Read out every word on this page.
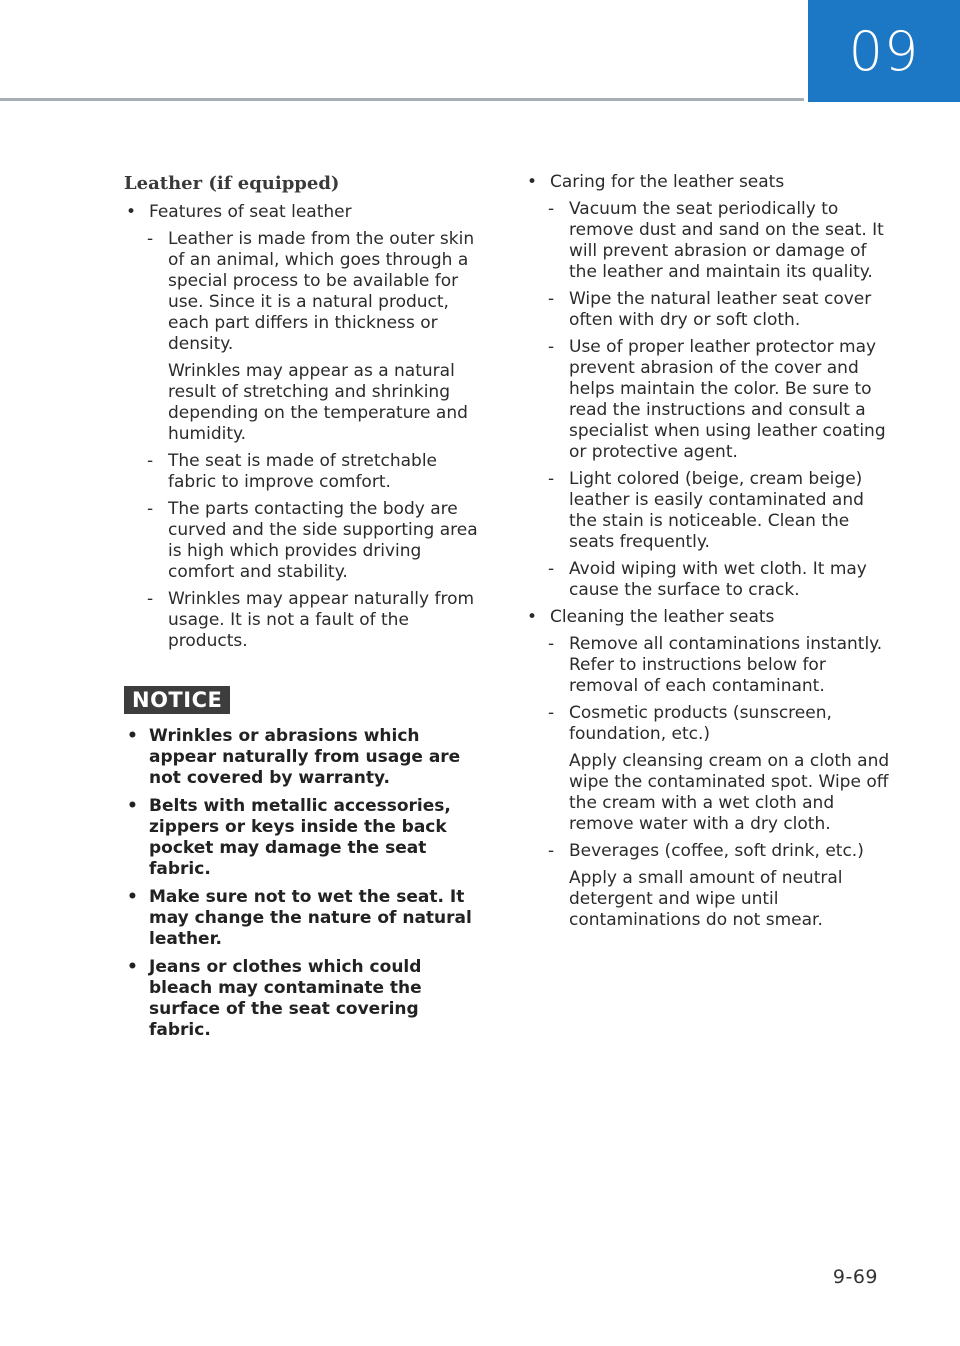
09
Leather (if equipped)
• Features of seat leather
- Leather is made from the outer skin of an animal, which goes through a special process to be available for use. Since it is a natural product, each part differs in thickness or density.
Wrinkles may appear as a natural result of stretching and shrinking depending on the temperature and humidity.
- The seat is made of stretchable fabric to improve comfort.
- The parts contacting the body are curved and the side supporting area is high which provides driving comfort and stability.
- Wrinkles may appear naturally from usage. It is not a fault of the products.
NOTICE
• Wrinkles or abrasions which appear naturally from usage are not covered by warranty.
• Belts with metallic accessories, zippers or keys inside the back pocket may damage the seat fabric.
• Make sure not to wet the seat. It may change the nature of natural leather.
• Jeans or clothes which could bleach may contaminate the surface of the seat covering fabric.
• Caring for the leather seats
- Vacuum the seat periodically to remove dust and sand on the seat. It will prevent abrasion or damage of the leather and maintain its quality.
- Wipe the natural leather seat cover often with dry or soft cloth.
- Use of proper leather protector may prevent abrasion of the cover and helps maintain the color. Be sure to read the instructions and consult a specialist when using leather coating or protective agent.
- Light colored (beige, cream beige) leather is easily contaminated and the stain is noticeable. Clean the seats frequently.
- Avoid wiping with wet cloth. It may cause the surface to crack.
• Cleaning the leather seats
- Remove all contaminations instantly. Refer to instructions below for removal of each contaminant.
- Cosmetic products (sunscreen, foundation, etc.)
Apply cleansing cream on a cloth and wipe the contaminated spot. Wipe off the cream with a wet cloth and remove water with a dry cloth.
- Beverages (coffee, soft drink, etc.)
Apply a small amount of neutral detergent and wipe until contaminations do not smear.
9-69
